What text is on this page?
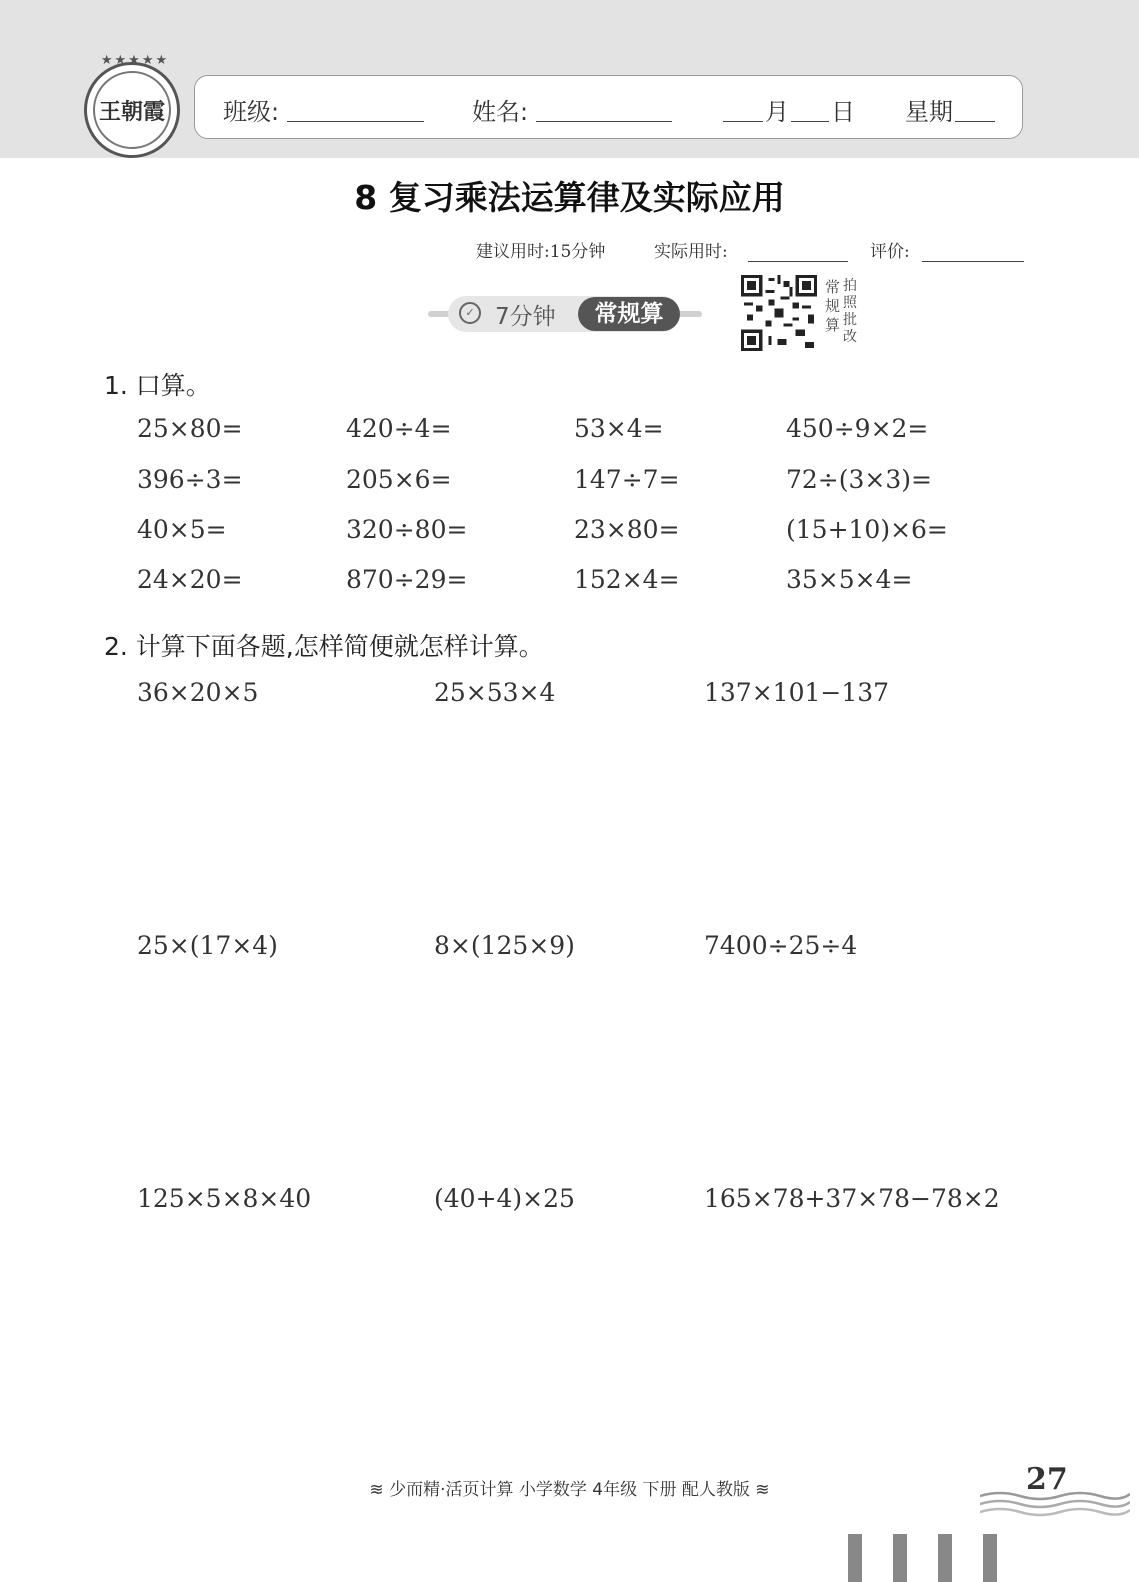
★★★★★
王朝霞 班级:	姓名:	月 日 星期
8 复习乘法运算律及实际应用
建议用时:15分钟	实际用时:	评价:
✓ 7分钟	常规算
常规算
拍照批改
1. 口算。
25×80=	420÷4=	53×4=	450÷9×2=
396÷3=	205×6=	147÷7=	72÷(3×3)=
40×5=	320÷80=	23×80=	(15+10)×6=
24×20=	870÷29=	152×4=	35×5×4=
2. 计算下面各题,怎样简便就怎样计算。
36×20×5	25×53×4	137×101−137
25×(17×4)	8×(125×9)	7400÷25÷4
125×5×8×40	(40+4)×25	165×78+37×78−78×2
≋ 少而精·活页计算 小学数学 4年级 下册 配人教版 ≋	27
